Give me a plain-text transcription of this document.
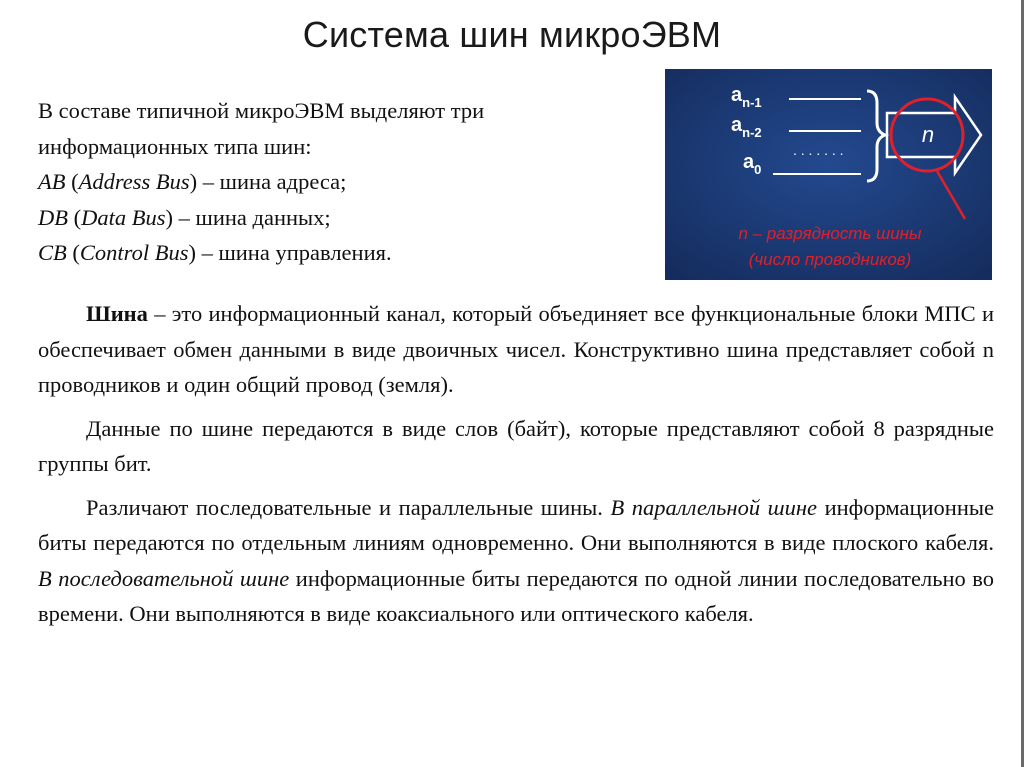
Система шин микроЭВМ
В составе типичной микроЭВМ выделяют три
информационных типа шин:
AB (Address Bus) – шина адреса;
DB (Data Bus) – шина данных;
CB (Control Bus) – шина управления.
$a_{n-1}$
$a_{n-2}$
. . . . . . .
$a_0$
n
n – разрядность шины
(число проводников)

Шина – это информационный канал, который объединяет все функциональные блоки МПС и обеспечивает обмен данными в виде двоичных чисел. Конструктивно шина представляет собой n проводников и один общий провод (земля).

Данные по шине передаются в виде слов (байт), которые представляют собой 8 разрядные группы бит.

Различают последовательные и параллельные шины. В параллельной шине информационные биты передаются по отдельным линиям одновременно. Они выполняются в виде плоского кабеля. В последовательной шине информационные биты передаются по одной линии последовательно во времени. Они выполняются в виде коаксиального или оптического кабеля.
